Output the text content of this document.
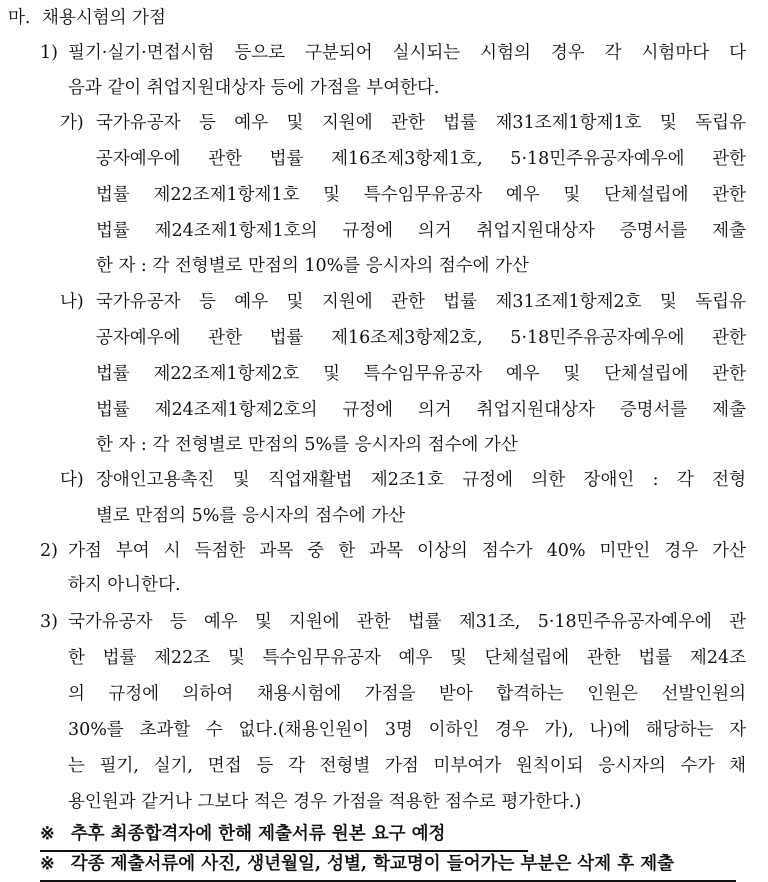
마. 채용시험의 가점
1) 필기·실기·면접시험 등으로 구분되어 실시되는 시험의 경우 각 시험마다 다
음과 같이 취업지원대상자 등에 가점을 부여한다.
가) 국가유공자 등 예우 및 지원에 관한 법률 제31조제1항제1호 및 독립유
공자예우에 관한 법률 제16조제3항제1호, 5·18민주유공자예우에 관한
법률 제22조제1항제1호 및 특수임무유공자 예우 및 단체설립에 관한
법률 제24조제1항제1호의 규정에 의거 취업지원대상자 증명서를 제출
한 자 : 각 전형별로 만점의 10%를 응시자의 점수에 가산
나) 국가유공자 등 예우 및 지원에 관한 법률 제31조제1항제2호 및 독립유
공자예우에 관한 법률 제16조제3항제2호, 5·18민주유공자예우에 관한
법률 제22조제1항제2호 및 특수임무유공자 예우 및 단체설립에 관한
법률 제24조제1항제2호의 규정에 의거 취업지원대상자 증명서를 제출
한 자 : 각 전형별로 만점의 5%를 응시자의 점수에 가산
다) 장애인고용촉진 및 직업재활법 제2조1호 규정에 의한 장애인 : 각 전형
별로 만점의 5%를 응시자의 점수에 가산
2) 가점 부여 시 득점한 과목 중 한 과목 이상의 점수가 40% 미만인 경우 가산
하지 아니한다.
3) 국가유공자 등 예우 및 지원에 관한 법률 제31조, 5·18민주유공자예우에 관
한 법률 제22조 및 특수임무유공자 예우 및 단체설립에 관한 법률 제24조
의 규정에 의하여 채용시험에 가점을 받아 합격하는 인원은 선발인원의
30%를 초과할 수 없다.(채용인원이 3명 이하인 경우 가), 나)에 해당하는 자
는 필기, 실기, 면접 등 각 전형별 가점 미부여가 원칙이되 응시자의 수가 채
용인원과 같거나 그보다 적은 경우 가점을 적용한 점수로 평가한다.)
※ 추후 최종합격자에 한해 제출서류 원본 요구 예정
※ 각종 제출서류에 사진, 생년월일, 성별, 학교명이 들어가는 부분은 삭제 후 제출
